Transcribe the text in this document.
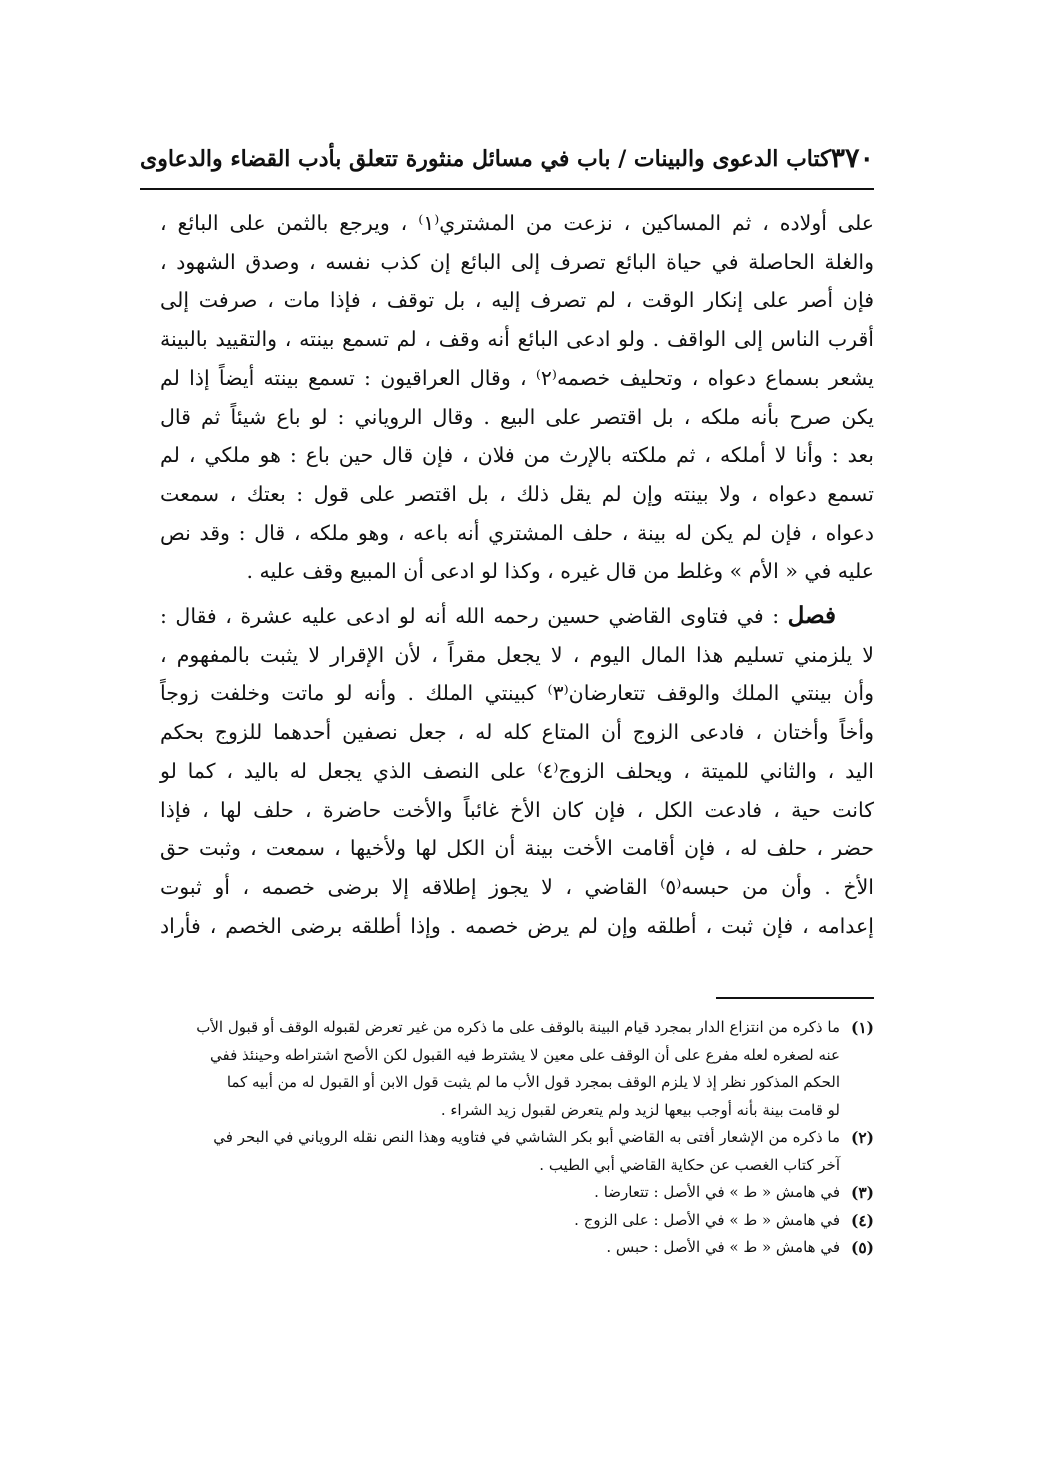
٣٧٠
كتاب الدعوى والبينات / باب في مسائل منثورة تتعلق بأدب القضاء والدعاوى

على أولاده ، ثم المساكين ، نزعت من المشتري⁽١⁾ ، ويرجع بالثمن على البائع ،

والغلة الحاصلة في حياة البائع تصرف إلى البائع إن كذب نفسه ، وصدق الشهود ،

فإن أصر على إنكار الوقت ، لم تصرف إليه ، بل توقف ، فإذا مات ، صرفت إلى

أقرب الناس إلى الواقف . ولو ادعى البائع أنه وقف ، لم تسمع بينته ، والتقييد بالبينة

يشعر بسماع دعواه ، وتحليف خصمه⁽٢⁾ ، وقال العراقيون : تسمع بينته أيضاً إذا لم

يكن صرح بأنه ملكه ، بل اقتصر على البيع . وقال الروياني : لو باع شيئاً ثم قال

بعد : وأنا لا أملكه ، ثم ملكته بالإرث من فلان ، فإن قال حين باع : هو ملكي ، لم

تسمع دعواه ، ولا بينته وإن لم يقل ذلك ، بل اقتصر على قول : بعتك ، سمعت

دعواه ، فإن لم يكن له بينة ، حلف المشتري أنه باعه ، وهو ملكه ، قال : وقد نص

عليه في « الأم » وغلط من قال غيره ، وكذا لو ادعى أن المبيع وقف عليه .

فصل : في فتاوى القاضي حسين رحمه الله أنه لو ادعى عليه عشرة ، فقال :

لا يلزمني تسليم هذا المال اليوم ، لا يجعل مقراً ، لأن الإقرار لا يثبت بالمفهوم ،

وأن بينتي الملك والوقف تتعارضان⁽٣⁾ كبينتي الملك . وأنه لو ماتت وخلفت زوجاً

وأخاً وأختان ، فادعى الزوج أن المتاع كله له ، جعل نصفين أحدهما للزوج بحكم

اليد ، والثاني للميتة ، ويحلف الزوج⁽٤⁾ على النصف الذي يجعل له باليد ، كما لو

كانت حية ، فادعت الكل ، فإن كان الأخ غائباً والأخت حاضرة ، حلف لها ، فإذا

حضر ، حلف له ، فإن أقامت الأخت بينة أن الكل لها ولأخيها ، سمعت ، وثبت حق

الأخ . وأن من حبسه⁽٥⁾ القاضي ، لا يجوز إطلاقه إلا برضى خصمه ، أو ثبوت

إعدامه ، فإن ثبت ، أطلقه وإن لم يرض خصمه . وإذا أطلقه برضى الخصم ، فأراد

(١)
ما ذكره من انتزاع الدار بمجرد قيام البينة بالوقف على ما ذكره من غير تعرض لقبوله الوقف أو قبول الأب
عنه لصغره لعله مفرع على أن الوقف على معين لا يشترط فيه القبول لكن الأصح اشتراطه وحينئذ ففي
الحكم المذكور نظر إذ لا يلزم الوقف بمجرد قول الأب ما لم يثبت قول الابن أو القبول له من أبيه كما
لو قامت بينة بأنه أوجب بيعها لزيد ولم يتعرض لقبول زيد الشراء .
(٢)
ما ذكره من الإشعار أفتى به القاضي أبو بكر الشاشي في فتاويه وهذا النص نقله الروياني في البحر في
آخر كتاب الغصب عن حكاية القاضي أبي الطيب .
(٣)
في هامش « ط » في الأصل : تتعارضا .
(٤)
في هامش « ط » في الأصل : على الزوج .
(٥)
في هامش « ط » في الأصل : حبس .
